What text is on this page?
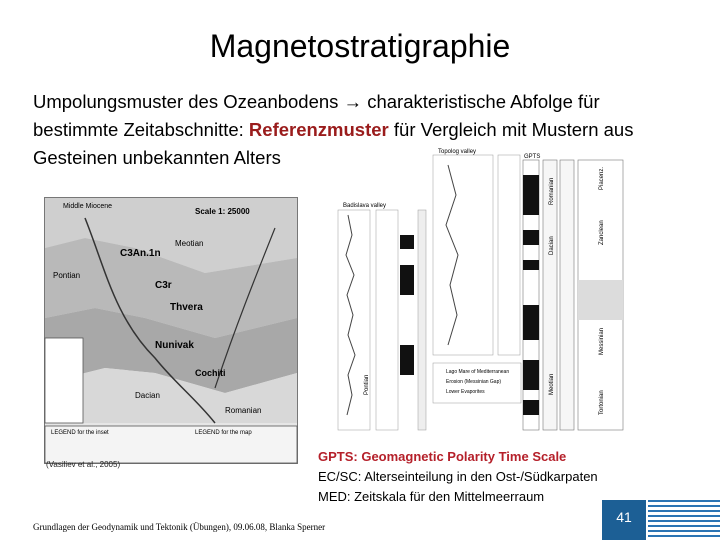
Magnetostratigraphie
Umpolungsmuster des Ozeanbodens → charakteristische Abfolge für
bestimmte Zeitabschnitte: Referenzmuster für Vergleich mit Mustern aus
Gesteinen unbekannten Alters
Middle Miocene
Scale 1: 25000
Meotian
Pontian
C3An.1n
C3r
Thvera
Nunivak
Cochiti
Dacian
Romanian
LEGEND for the inset	LEGEND for the map
(Vasiliev et al., 2005)
Badislava valley
Topolog valley
GPTS
Pontian
Dacian
Romanian
Meotian
Zanclean
Piacenz.
Messinian
Tortonian
Lago Mare of Mediterranean
Erosion (Messinian Gap)
Lower Evaporites
GPTS: Geomagnetic Polarity Time Scale
EC/SC: Alterseinteilung in den Ost-/Südkarpaten
MED: Zeitskala für den Mittelmeerraum
Grundlagen der Geodynamik und Tektonik (Übungen), 09.06.08, Blanka Sperner
41
